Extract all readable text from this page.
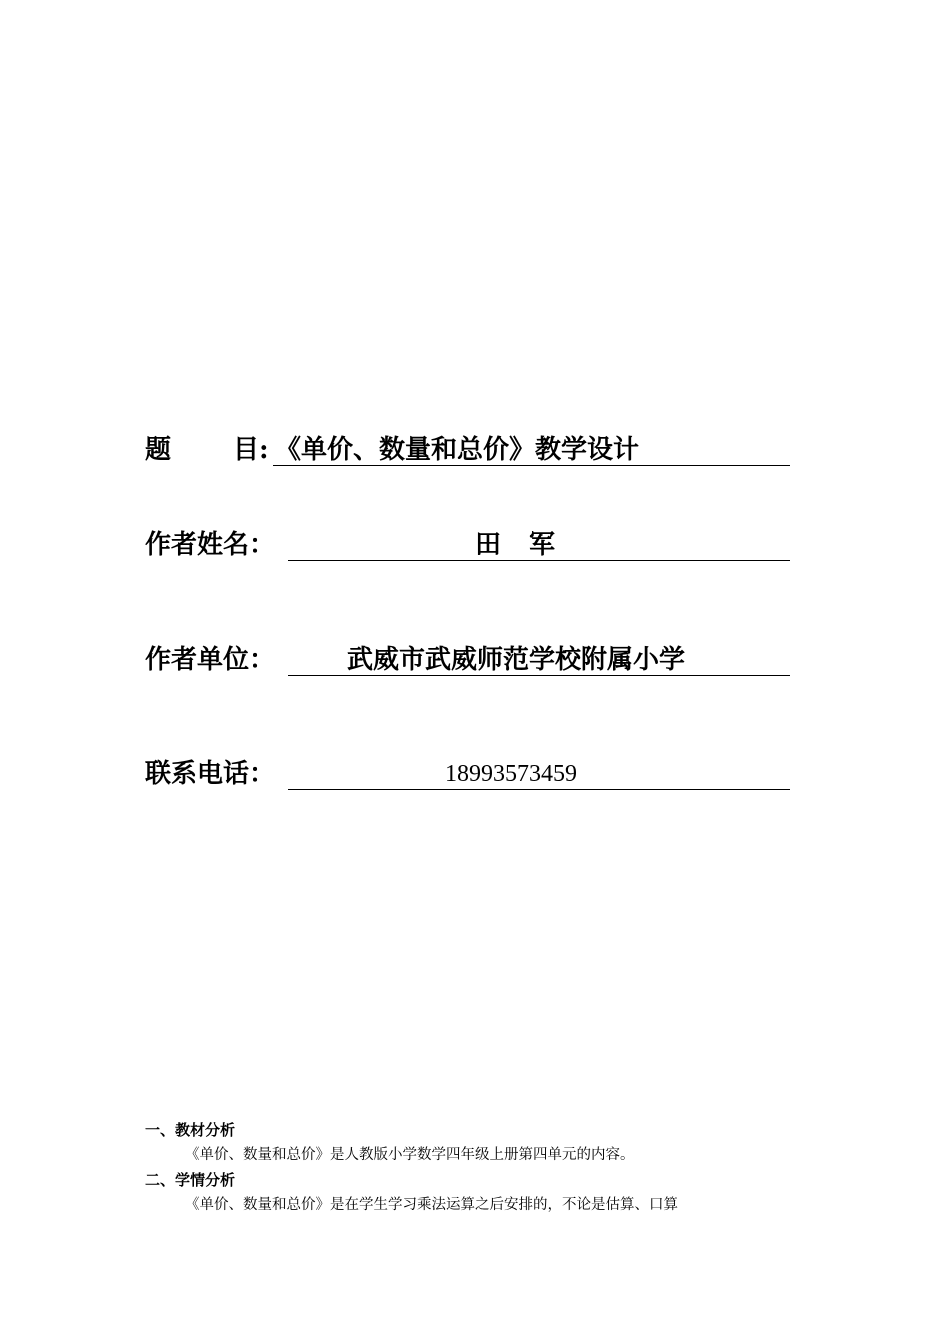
题 目: 《单价、数量和总价》教学设计
作者姓名：	田军
作者单位：	武威市武威师范学校附属小学
联系电话：	18993573459

一、教材分析

《单价、数量和总价》是人教版小学数学四年级上册第四单元的内容。

二、学情分析

《单价、数量和总价》是在学生学习乘法运算之后安排的，不论是估算、口算
